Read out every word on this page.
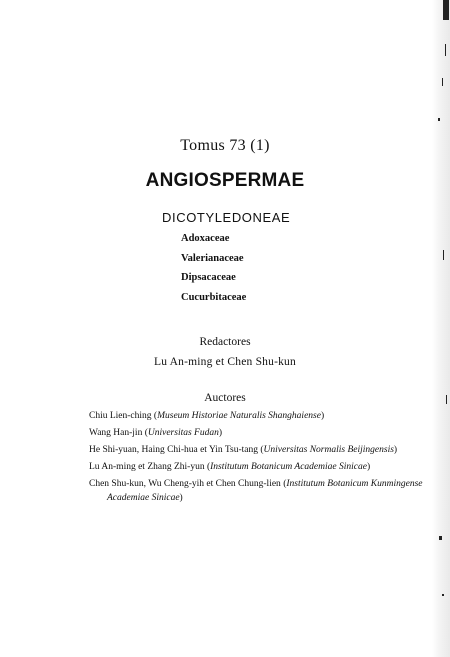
Tomus 73 (1)
ANGIOSPERMAE
DICOTYLEDONEAE
Adoxaceae
Valerianaceae
Dipsacaceae
Cucurbitaceae
Redactores
Lu An-ming et Chen Shu-kun
Auctores
Chiu Lien-ching (Museum Historiae Naturalis Shanghaiense)
Wang Han-jin (Universitas Fudan)
He Shi-yuan, Haing Chi-hua et Yin Tsu-tang (Universitas Normalis Beijingensis)
Lu An-ming et Zhang Zhi-yun (Institutum Botanicum Academiae Sinicae)
Chen Shu-kun, Wu Cheng-yih et Chen Chung-lien (Institutum Botanicum Kunmingense Academiae Sinicae)
